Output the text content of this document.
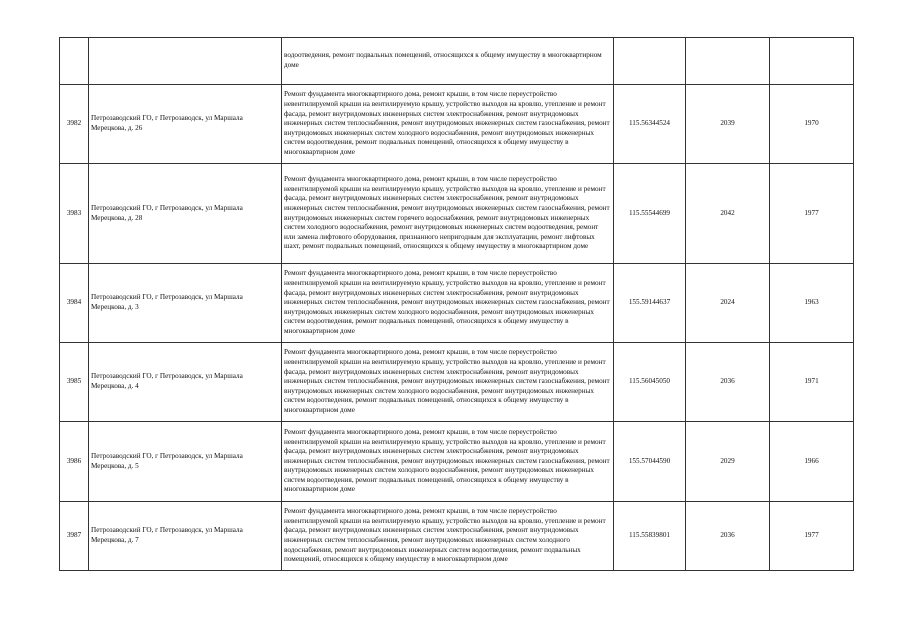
		водоотведения, ремонт подвальных помещений, относящихся к общему имуществу в многоквартирном доме			
3982	Петрозаводский ГО, г Петрозаводск, ул Маршала Мерецкова, д. 26	Ремонт фундамента многоквартирного дома, ремонт крыши, в том числе переустройство невентилируемой крыши на вентилируемую крышу, устройство выходов на кровлю, утепление и ремонт фасада, ремонт внутридомовых инженерных систем электроснабжения, ремонт внутридомовых инженерных систем теплоснабжения, ремонт внутридомовых инженерных систем газоснабжения, ремонт внутридомовых инженерных систем холодного водоснабжения, ремонт внутридомовых инженерных систем водоотведения, ремонт подвальных помещений, относящихся к общему имуществу в многоквартирном доме	115.56344524	2039	1970
3983	Петрозаводский ГО, г Петрозаводск, ул Маршала Мерецкова, д. 28	Ремонт фундамента многоквартирного дома, ремонт крыши, в том числе переустройство невентилируемой крыши на вентилируемую крышу, устройство выходов на кровлю, утепление и ремонт фасада, ремонт внутридомовых инженерных систем электроснабжения, ремонт внутридомовых инженерных систем теплоснабжения, ремонт внутридомовых инженерных систем газоснабжения, ремонт внутридомовых инженерных систем горячего водоснабжения, ремонт внутридомовых инженерных систем холодного водоснабжения, ремонт внутридомовых инженерных систем водоотведения, ремонт или замена лифтового оборудования, признанного непригодным для эксплуатации, ремонт лифтовых шахт, ремонт подвальных помещений, относящихся к общему имуществу в многоквартирном доме	115.55544699	2042	1977
3984	Петрозаводский ГО, г Петрозаводск, ул Маршала Мерецкова, д. 3	Ремонт фундамента многоквартирного дома, ремонт крыши, в том числе переустройство невентилируемой крыши на вентилируемую крышу, устройство выходов на кровлю, утепление и ремонт фасада, ремонт внутридомовых инженерных систем электроснабжения, ремонт внутридомовых инженерных систем теплоснабжения, ремонт внутридомовых инженерных систем газоснабжения, ремонт внутридомовых инженерных систем холодного водоснабжения, ремонт внутридомовых инженерных систем водоотведения, ремонт подвальных помещений, относящихся к общему имуществу в многоквартирном доме	155.59144637	2024	1963
3985	Петрозаводский ГО, г Петрозаводск, ул Маршала Мерецкова, д. 4	Ремонт фундамента многоквартирного дома, ремонт крыши, в том числе переустройство невентилируемой крыши на вентилируемую крышу, устройство выходов на кровлю, утепление и ремонт фасада, ремонт внутридомовых инженерных систем электроснабжения, ремонт внутридомовых инженерных систем теплоснабжения, ремонт внутридомовых инженерных систем газоснабжения, ремонт внутридомовых инженерных систем холодного водоснабжения, ремонт внутридомовых инженерных систем водоотведения, ремонт подвальных помещений, относящихся к общему имуществу в многоквартирном доме	115.56045050	2036	1971
3986	Петрозаводский ГО, г Петрозаводск, ул Маршала Мерецкова, д. 5	Ремонт фундамента многоквартирного дома, ремонт крыши, в том числе переустройство невентилируемой крыши на вентилируемую крышу, устройство выходов на кровлю, утепление и ремонт фасада, ремонт внутридомовых инженерных систем электроснабжения, ремонт внутридомовых инженерных систем теплоснабжения, ремонт внутридомовых инженерных систем газоснабжения, ремонт внутридомовых инженерных систем холодного водоснабжения, ремонт внутридомовых инженерных систем водоотведения, ремонт подвальных помещений, относящихся к общему имуществу в многоквартирном доме	155.57044590	2029	1966
3987	Петрозаводский ГО, г Петрозаводск, ул Маршала Мерецкова, д. 7	Ремонт фундамента многоквартирного дома, ремонт крыши, в том числе переустройство невентилируемой крыши на вентилируемую крышу, устройство выходов на кровлю, утепление и ремонт фасада, ремонт внутридомовых инженерных систем электроснабжения, ремонт внутридомовых инженерных систем теплоснабжения, ремонт внутридомовых инженерных систем холодного водоснабжения, ремонт внутридомовых инженерных систем водоотведения, ремонт подвальных помещений, относящихся к общему имуществу в многоквартирном доме	115.55839801	2036	1977
